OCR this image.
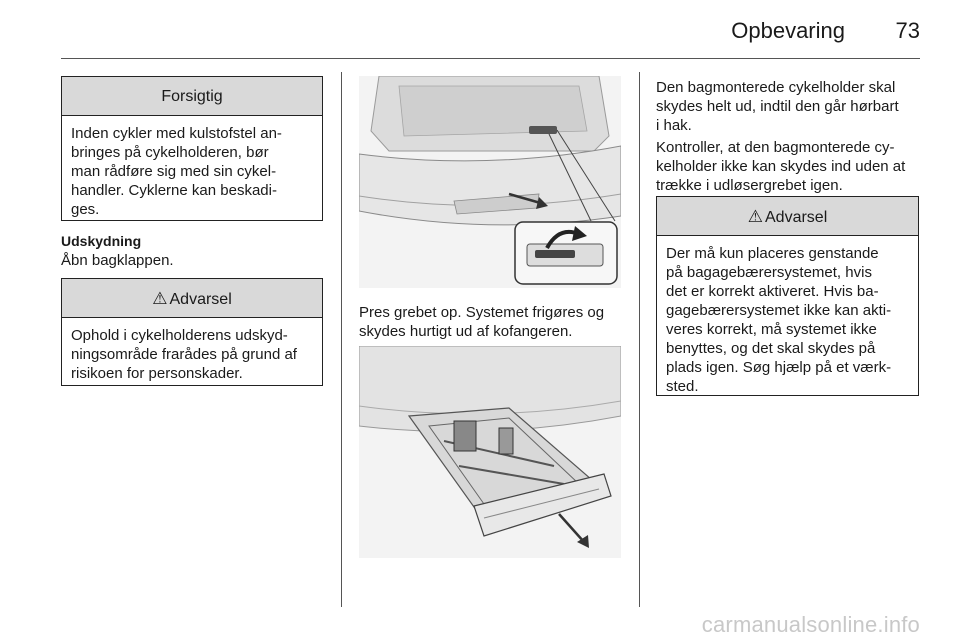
Opbevaring 73
Forsigtig
Inden cykler med kulstofstel an-
bringes på cykelholderen, bør
man rådføre sig med sin cykel-
handler. Cyklerne kan beskadi-
ges.
Udskydning
Åbn bagklappen.
⚠ Advarsel
Ophold i cykelholderens udskyd-
ningsområde frarådes på grund af
risikoen for personskader.
Pres grebet op. Systemet frigøres og
skydes hurtigt ud af kofangeren.
Den bagmonterede cykelholder skal
skydes helt ud, indtil den går hørbart
i hak.
Kontroller, at den bagmonterede cy-
kelholder ikke kan skydes ind uden at
trække i udløsergrebet igen.
⚠ Advarsel
Der må kun placeres genstande
på bagagebærersystemet, hvis
det er korrekt aktiveret. Hvis ba-
gagebærersystemet ikke kan akti-
veres korrekt, må systemet ikke
benyttes, og det skal skydes på
plads igen. Søg hjælp på et værk-
sted.
carmanualsonline.info
